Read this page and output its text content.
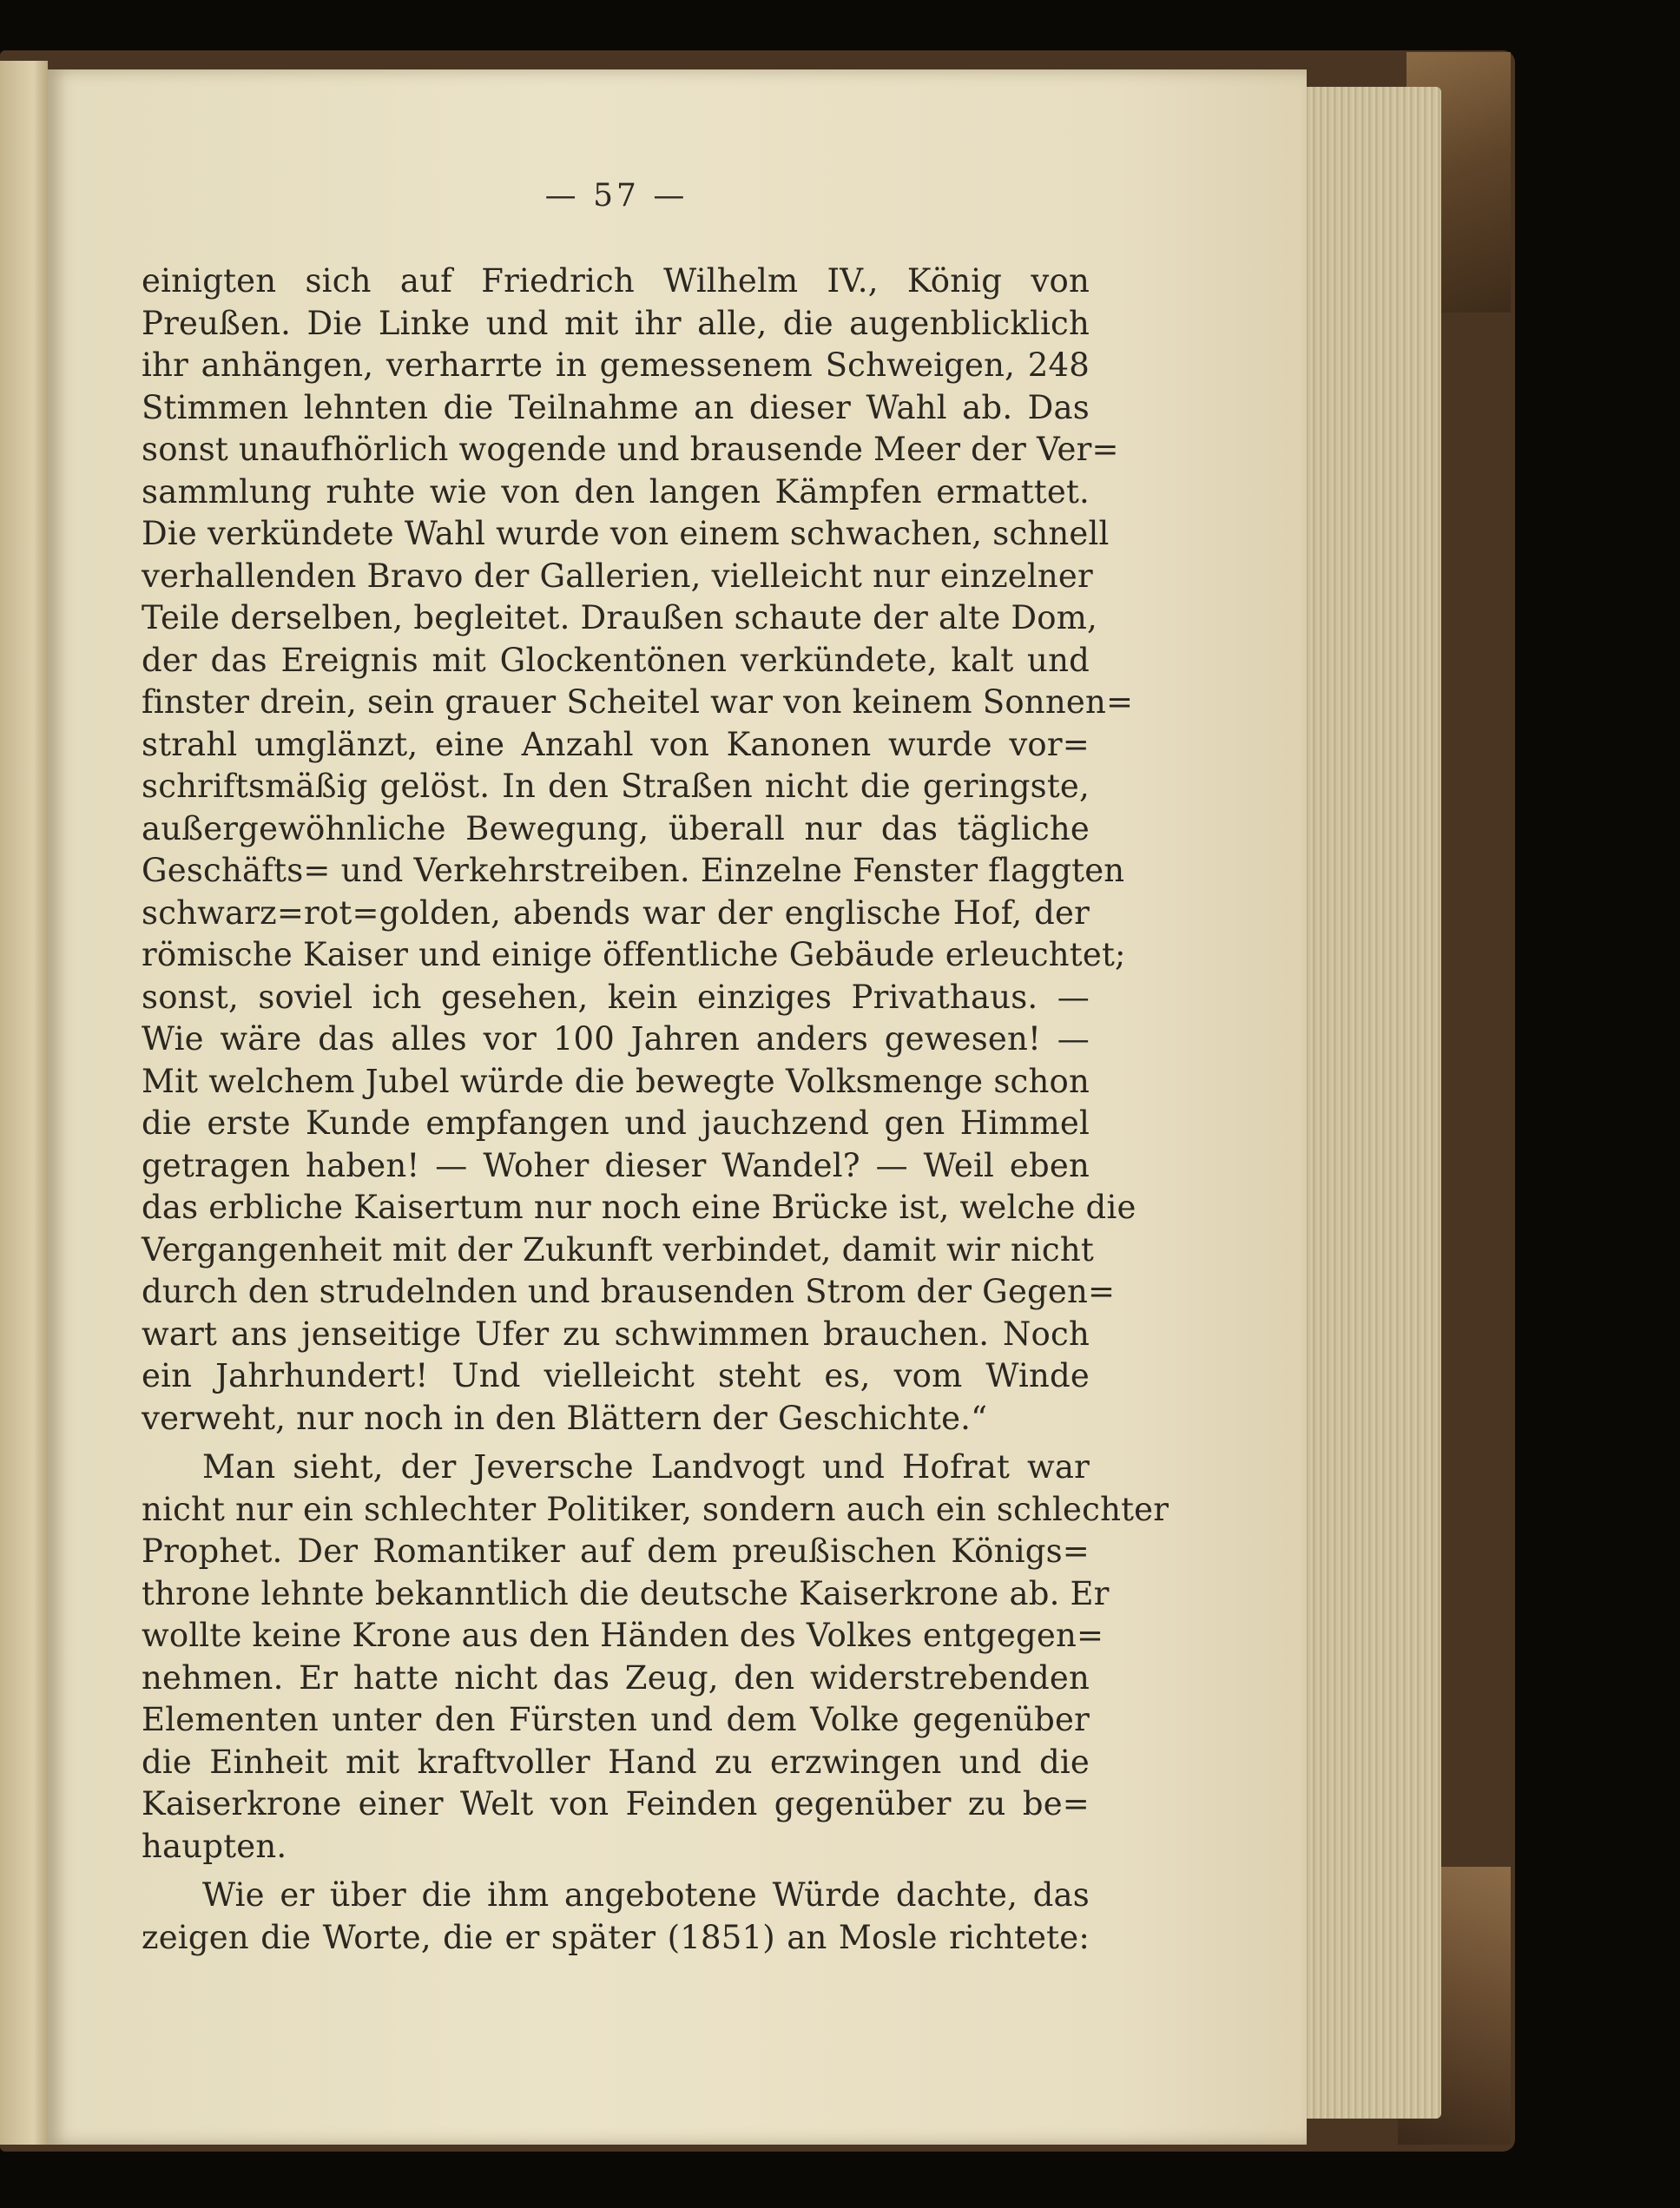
— 57 —
einigten sich auf Friedrich Wilhelm IV., König von
Preußen. Die Linke und mit ihr alle, die augenblicklich
ihr anhängen, verharrte in gemessenem Schweigen, 248
Stimmen lehnten die Teilnahme an dieser Wahl ab. Das
sonst unaufhörlich wogende und brausende Meer der Ver=
sammlung ruhte wie von den langen Kämpfen ermattet.
Die verkündete Wahl wurde von einem schwachen, schnell
verhallenden Bravo der Gallerien, vielleicht nur einzelner
Teile derselben, begleitet. Draußen schaute der alte Dom,
der das Ereignis mit Glockentönen verkündete, kalt und
finster drein, sein grauer Scheitel war von keinem Sonnen=
strahl umglänzt, eine Anzahl von Kanonen wurde vor=
schriftsmäßig gelöst. In den Straßen nicht die geringste,
außergewöhnliche Bewegung, überall nur das tägliche
Geschäfts= und Verkehrstreiben. Einzelne Fenster flaggten
schwarz=rot=golden, abends war der englische Hof, der
römische Kaiser und einige öffentliche Gebäude erleuchtet;
sonst, soviel ich gesehen, kein einziges Privathaus. —
Wie wäre das alles vor 100 Jahren anders gewesen! —
Mit welchem Jubel würde die bewegte Volksmenge schon
die erste Kunde empfangen und jauchzend gen Himmel
getragen haben! — Woher dieser Wandel? — Weil eben
das erbliche Kaisertum nur noch eine Brücke ist, welche die
Vergangenheit mit der Zukunft verbindet, damit wir nicht
durch den strudelnden und brausenden Strom der Gegen=
wart ans jenseitige Ufer zu schwimmen brauchen. Noch
ein Jahrhundert! Und vielleicht steht es, vom Winde
verweht, nur noch in den Blättern der Geschichte.“
Man sieht, der Jeversche Landvogt und Hofrat war
nicht nur ein schlechter Politiker, sondern auch ein schlechter
Prophet. Der Romantiker auf dem preußischen Königs=
throne lehnte bekanntlich die deutsche Kaiserkrone ab. Er
wollte keine Krone aus den Händen des Volkes entgegen=
nehmen. Er hatte nicht das Zeug, den widerstrebenden
Elementen unter den Fürsten und dem Volke gegenüber
die Einheit mit kraftvoller Hand zu erzwingen und die
Kaiserkrone einer Welt von Feinden gegenüber zu be=
haupten.
Wie er über die ihm angebotene Würde dachte, das
zeigen die Worte, die er später (1851) an Mosle richtete:
